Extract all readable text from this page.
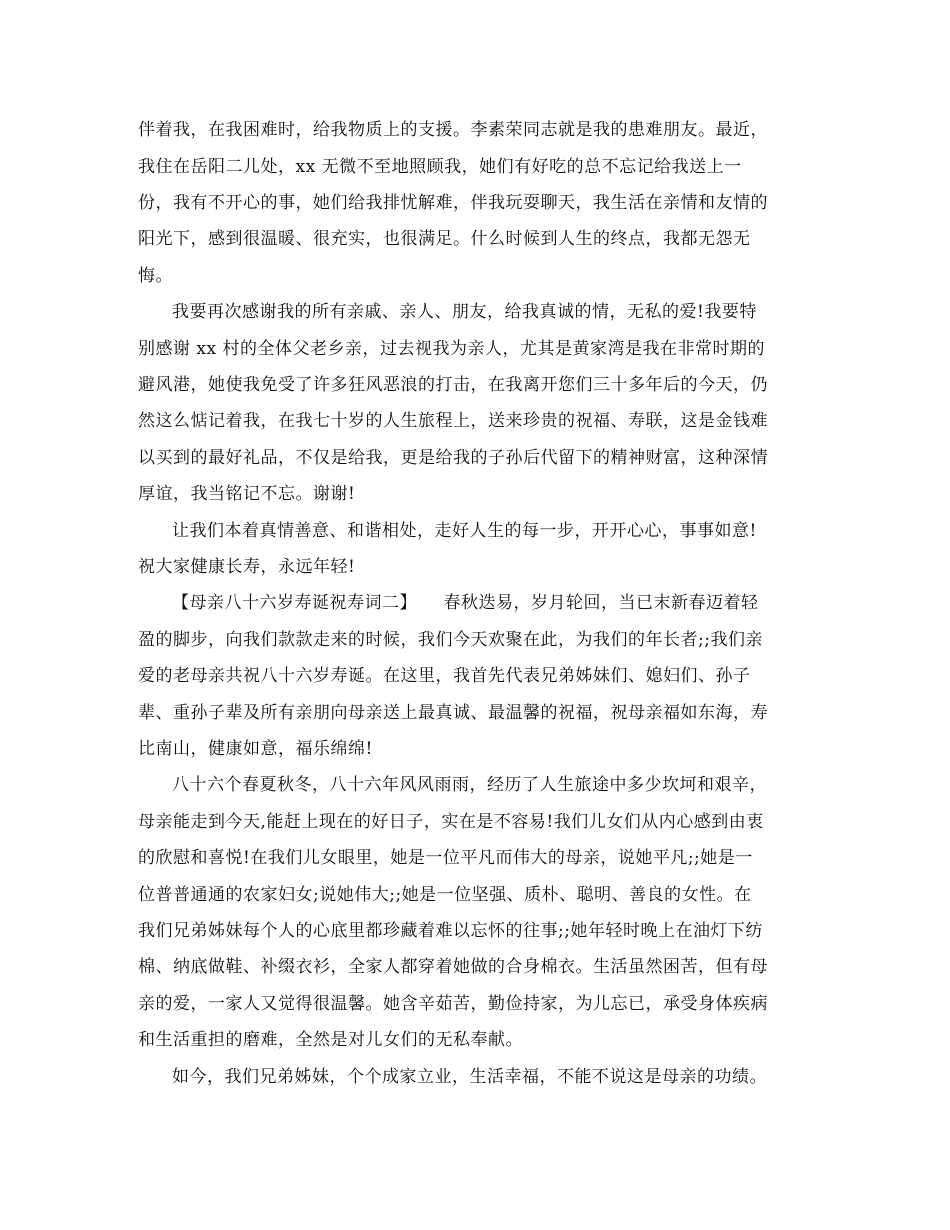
伴着我，在我困难时，给我物质上的支援。李素荣同志就是我的患难朋友。最近，
我住在岳阳二儿处，xx 无微不至地照顾我，她们有好吃的总不忘记给我送上一
份，我有不开心的事，她们给我排忧解难，伴我玩耍聊天，我生活在亲情和友情的
阳光下，感到很温暖、很充实，也很满足。什么时候到人生的终点，我都无怨无
悔。
我要再次感谢我的所有亲戚、亲人、朋友，给我真诚的情，无私的爱!我要特
别感谢 xx 村的全体父老乡亲，过去视我为亲人，尤其是黄家湾是我在非常时期的
避风港，她使我免受了许多狂风恶浪的打击，在我离开您们三十多年后的今天，仍
然这么惦记着我，在我七十岁的人生旅程上，送来珍贵的祝福、寿联，这是金钱难
以买到的最好礼品，不仅是给我，更是给我的子孙后代留下的精神财富，这种深情
厚谊，我当铭记不忘。谢谢!
让我们本着真情善意、和谐相处，走好人生的每一步，开开心心，事事如意!
祝大家健康长寿，永远年轻!
【母亲八十六岁寿诞祝寿词二】　　春秋迭易，岁月轮回，当已末新春迈着轻
盈的脚步，向我们款款走来的时候，我们今天欢聚在此，为我们的年长者;;我们亲
爱的老母亲共祝八十六岁寿诞。在这里，我首先代表兄弟姊妹们、媳妇们、孙子
辈、重孙子辈及所有亲朋向母亲送上最真诚、最温馨的祝福，祝母亲福如东海，寿
比南山，健康如意，福乐绵绵!
八十六个春夏秋冬，八十六年风风雨雨，经历了人生旅途中多少坎坷和艰辛，
母亲能走到今天,能赶上现在的好日子，实在是不容易!我们儿女们从内心感到由衷
的欣慰和喜悦!在我们儿女眼里，她是一位平凡而伟大的母亲，说她平凡;;她是一
位普普通通的农家妇女;说她伟大;;她是一位坚强、质朴、聪明、善良的女性。在
我们兄弟姊妹每个人的心底里都珍藏着难以忘怀的往事;;她年轻时晚上在油灯下纺
棉、纳底做鞋、补缀衣衫，全家人都穿着她做的合身棉衣。生活虽然困苦，但有母
亲的爱，一家人又觉得很温馨。她含辛茹苦，勤俭持家，为儿忘已，承受身体疾病
和生活重担的磨难，全然是对儿女们的无私奉献。
如今，我们兄弟姊妹，个个成家立业，生活幸福，不能不说这是母亲的功绩。
